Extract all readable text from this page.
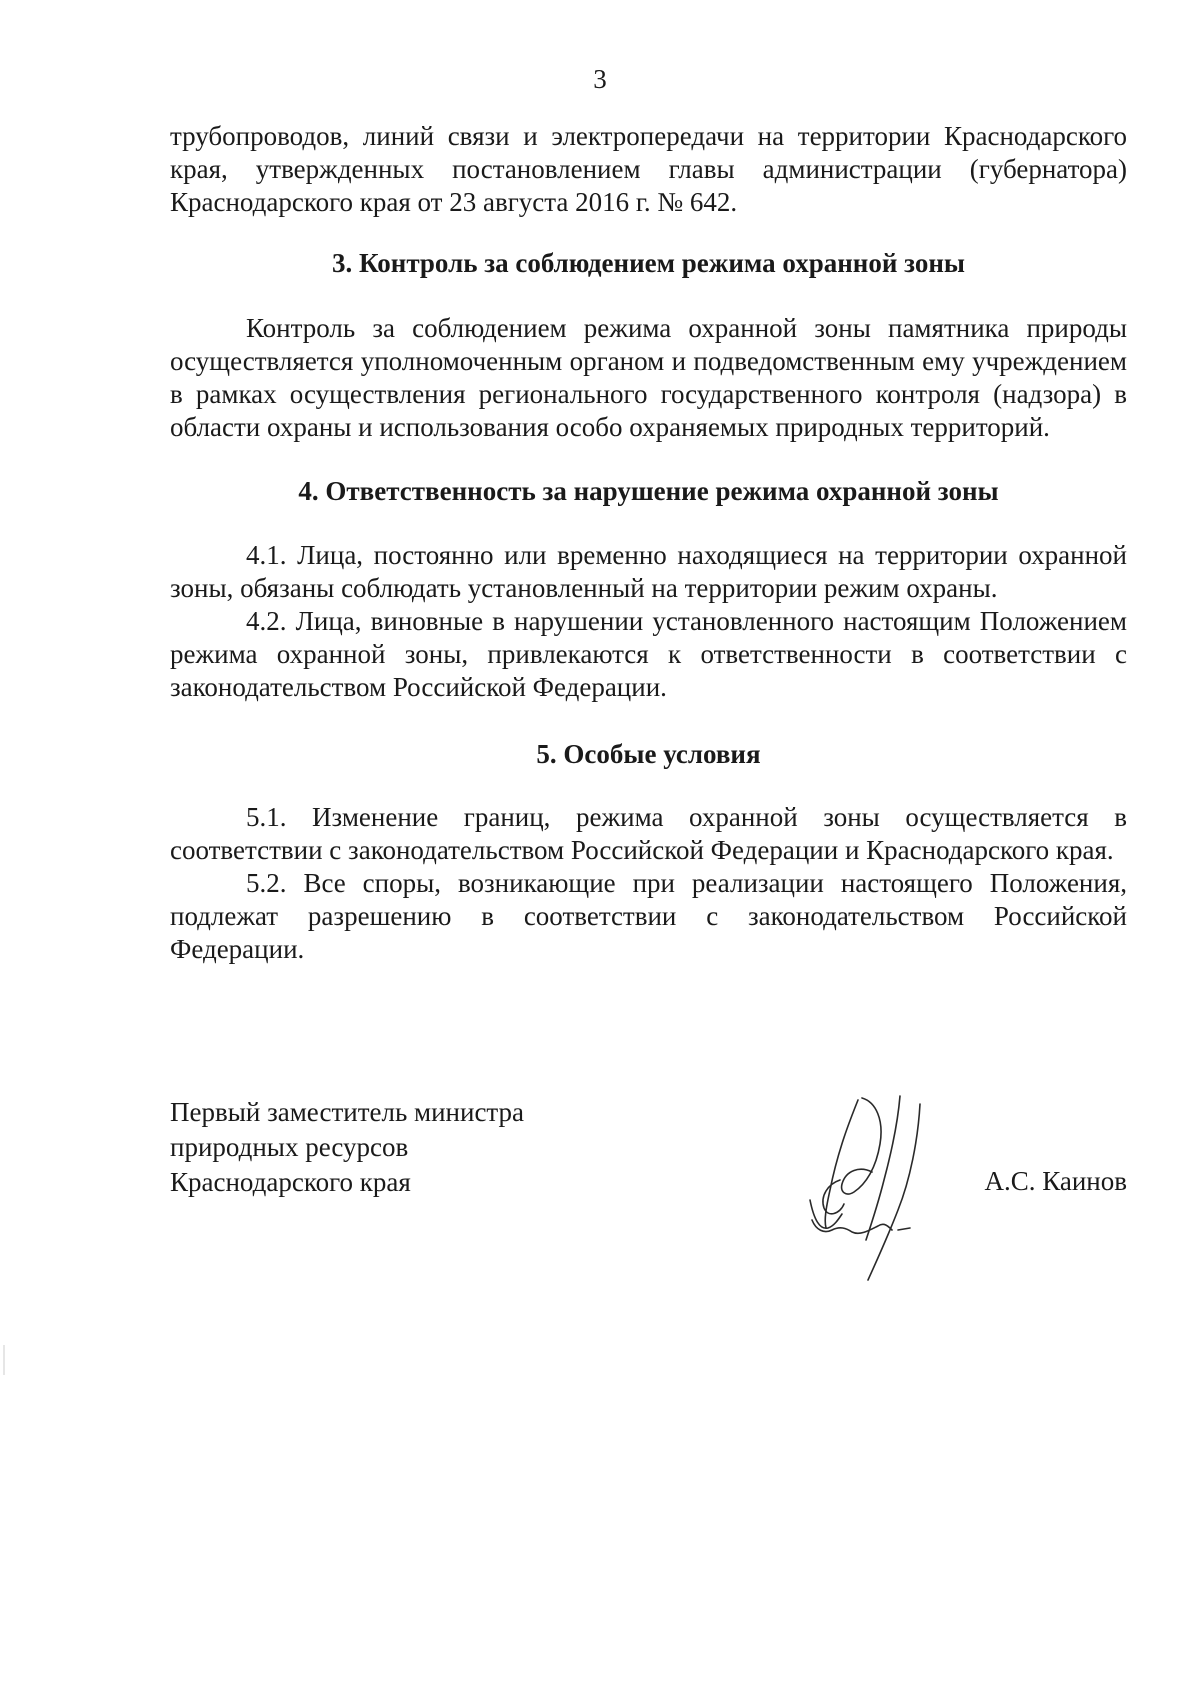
3

трубопроводов, линий связи и электропередачи на территории Краснодарского края, утвержденных постановлением главы администрации (губернатора) Краснодарского края от 23 августа 2016 г. № 642.

3. Контроль за соблюдением режима охранной зоны

Контроль за соблюдением режима охранной зоны памятника природы осуществляется уполномоченным органом и подведомственным ему учреждением в рамках осуществления регионального государственного контроля (надзора) в области охраны и использования особо охраняемых природных территорий.

4. Ответственность за нарушение режима охранной зоны

4.1. Лица, постоянно или временно находящиеся на территории охранной зоны, обязаны соблюдать установленный на территории режим охраны.

4.2. Лица, виновные в нарушении установленного настоящим Положением режима охранной зоны, привлекаются к ответственности в соответствии с законодательством Российской Федерации.

5. Особые условия

5.1. Изменение границ, режима охранной зоны осуществляется в соответствии с законодательством Российской Федерации и Краснодарского края.

5.2. Все споры, возникающие при реализации настоящего Положения, подлежат разрешению в соответствии с законодательством Российской Федерации.

Первый заместитель министра
природных ресурсов
Краснодарского края	А.С. Каинов
